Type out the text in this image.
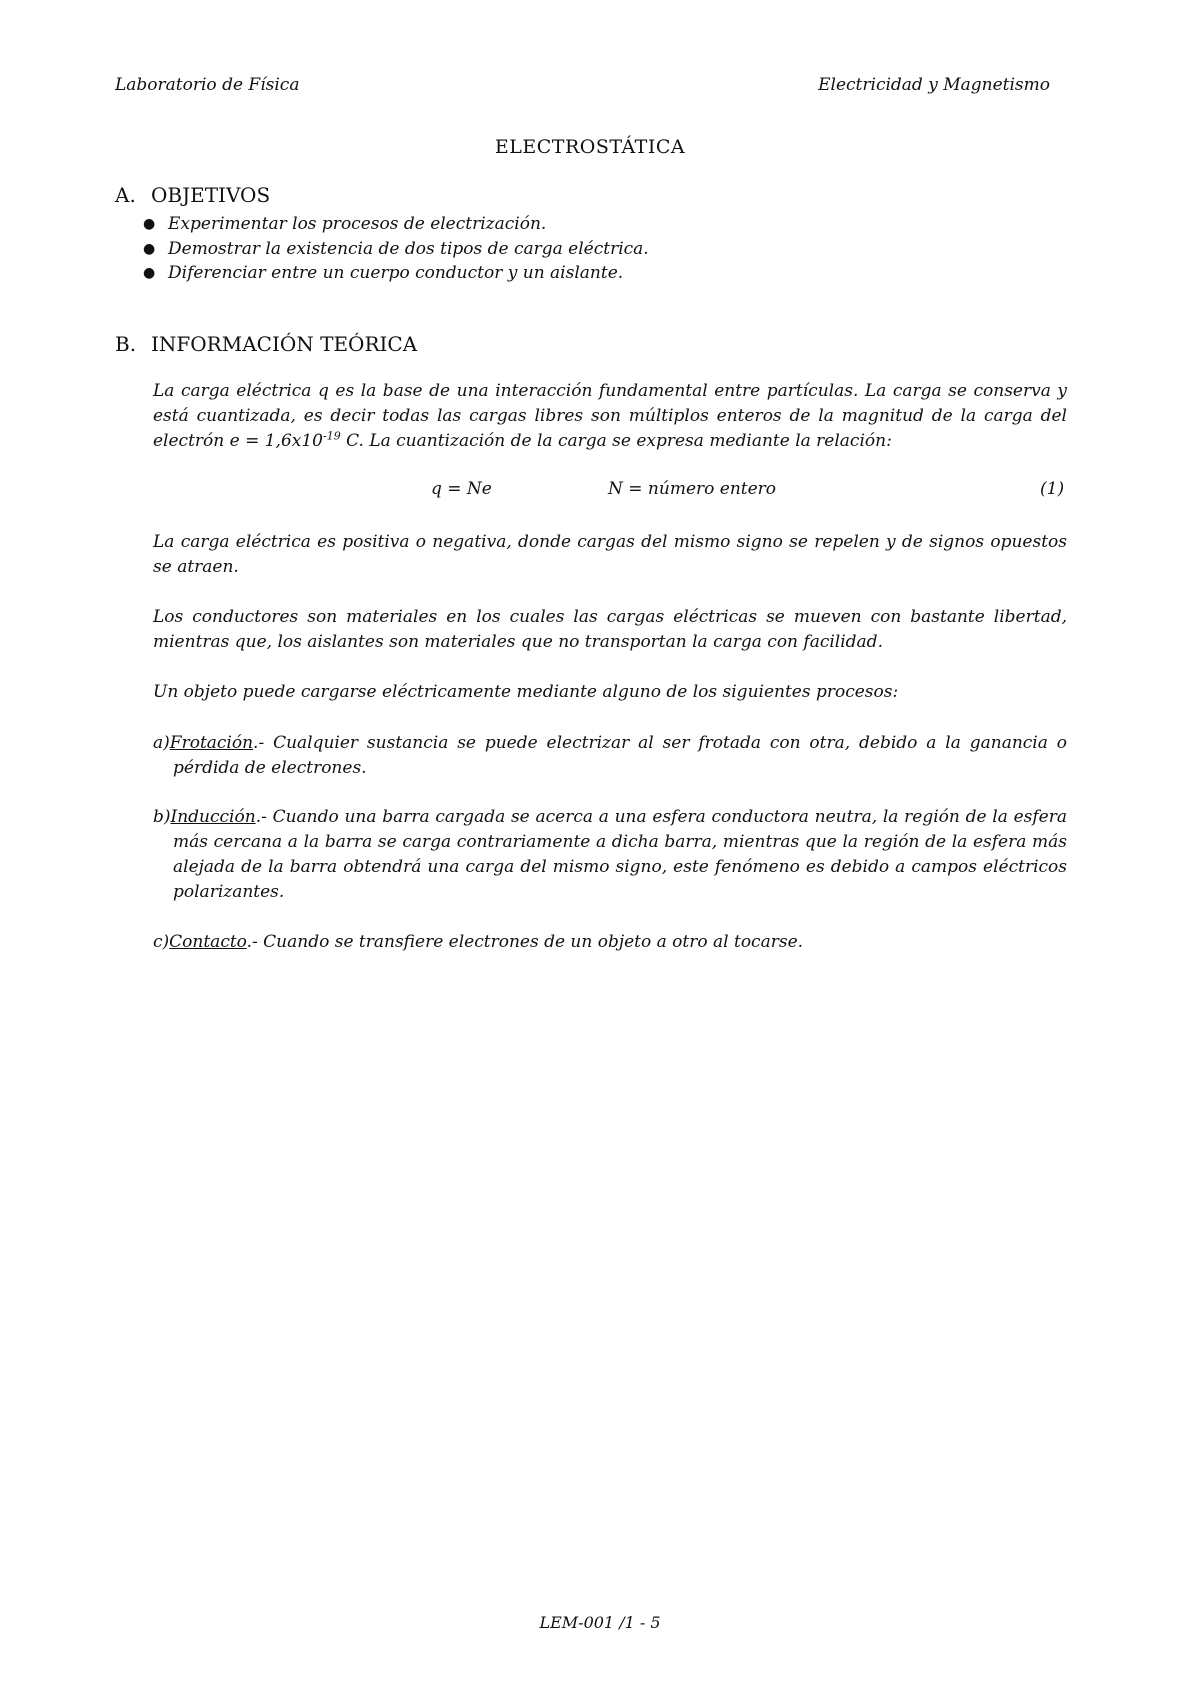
Laboratorio de Física	Electricidad y Magnetismo
ELECTROSTÁTICA
A. OBJETIVOS
● Experimentar los procesos de electrización.
● Demostrar la existencia de dos tipos de carga eléctrica.
● Diferenciar entre un cuerpo conductor y un aislante.
B. INFORMACIÓN TEÓRICA
La carga eléctrica q es la base de una interacción fundamental entre partículas. La carga se conserva y está cuantizada, es decir todas las cargas libres son múltiplos enteros de la magnitud de la carga del electrón $e = 1,6x10^{-19}$ C. La cuantización de la carga se expresa mediante la relación:
q = Ne	N = número entero	(1)
La carga eléctrica es positiva o negativa, donde cargas del mismo signo se repelen y de signos opuestos se atraen.
Los conductores son materiales en los cuales las cargas eléctricas se mueven con bastante libertad, mientras que, los aislantes son materiales que no transportan la carga con facilidad.
Un objeto puede cargarse eléctricamente mediante alguno de los siguientes procesos:
a)Frotación.- Cualquier sustancia se puede electrizar al ser frotada con otra, debido a la ganancia o pérdida de electrones.
b)Inducción.- Cuando una barra cargada se acerca a una esfera conductora neutra, la región de la esfera más cercana a la barra se carga contrariamente a dicha barra, mientras que la región de la esfera más alejada de la barra obtendrá una carga del mismo signo, este fenómeno es debido a campos eléctricos polarizantes.
c)Contacto.- Cuando se transfiere electrones de un objeto a otro al tocarse.
LEM-001 /1 - 5
